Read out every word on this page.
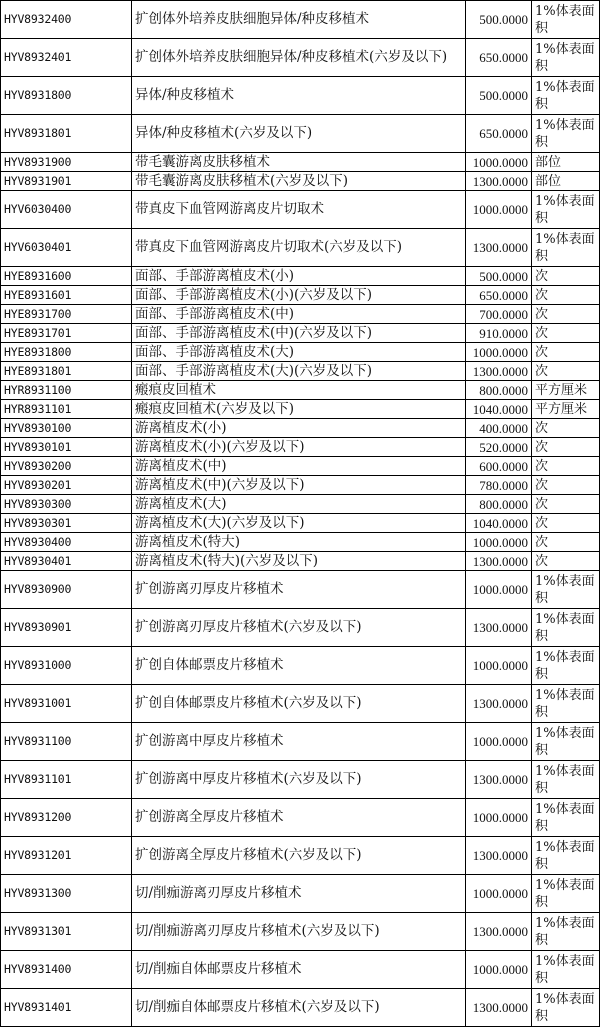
HYV8932400	扩创体外培养皮肤细胞异体/种皮移植术	500.0000	1%体表面积
HYV8932401	扩创体外培养皮肤细胞异体/种皮移植术(六岁及以下)	650.0000	1%体表面积
HYV8931800	异体/种皮移植术	500.0000	1%体表面积
HYV8931801	异体/种皮移植术(六岁及以下)	650.0000	1%体表面积
HYV8931900	带毛囊游离皮肤移植术	1000.0000	部位
HYV8931901	带毛囊游离皮肤移植术(六岁及以下)	1300.0000	部位
HYV6030400	带真皮下血管网游离皮片切取术	1000.0000	1%体表面积
HYV6030401	带真皮下血管网游离皮片切取术(六岁及以下)	1300.0000	1%体表面积
HYE8931600	面部、手部游离植皮术(小)	500.0000	次
HYE8931601	面部、手部游离植皮术(小)(六岁及以下)	650.0000	次
HYE8931700	面部、手部游离植皮术(中)	700.0000	次
HYE8931701	面部、手部游离植皮术(中)(六岁及以下)	910.0000	次
HYE8931800	面部、手部游离植皮术(大)	1000.0000	次
HYE8931801	面部、手部游离植皮术(大)(六岁及以下)	1300.0000	次
HYR8931100	瘢痕皮回植术	800.0000	平方厘米
HYR8931101	瘢痕皮回植术(六岁及以下)	1040.0000	平方厘米
HYV8930100	游离植皮术(小)	400.0000	次
HYV8930101	游离植皮术(小)(六岁及以下)	520.0000	次
HYV8930200	游离植皮术(中)	600.0000	次
HYV8930201	游离植皮术(中)(六岁及以下)	780.0000	次
HYV8930300	游离植皮术(大)	800.0000	次
HYV8930301	游离植皮术(大)(六岁及以下)	1040.0000	次
HYV8930400	游离植皮术(特大)	1000.0000	次
HYV8930401	游离植皮术(特大)(六岁及以下)	1300.0000	次
HYV8930900	扩创游离刃厚皮片移植术	1000.0000	1%体表面积
HYV8930901	扩创游离刃厚皮片移植术(六岁及以下)	1300.0000	1%体表面积
HYV8931000	扩创自体邮票皮片移植术	1000.0000	1%体表面积
HYV8931001	扩创自体邮票皮片移植术(六岁及以下)	1300.0000	1%体表面积
HYV8931100	扩创游离中厚皮片移植术	1000.0000	1%体表面积
HYV8931101	扩创游离中厚皮片移植术(六岁及以下)	1300.0000	1%体表面积
HYV8931200	扩创游离全厚皮片移植术	1000.0000	1%体表面积
HYV8931201	扩创游离全厚皮片移植术(六岁及以下)	1300.0000	1%体表面积
HYV8931300	切/削痂游离刃厚皮片移植术	1000.0000	1%体表面积
HYV8931301	切/削痂游离刃厚皮片移植术(六岁及以下)	1300.0000	1%体表面积
HYV8931400	切/削痂自体邮票皮片移植术	1000.0000	1%体表面积
HYV8931401	切/削痂自体邮票皮片移植术(六岁及以下)	1300.0000	1%体表面积
